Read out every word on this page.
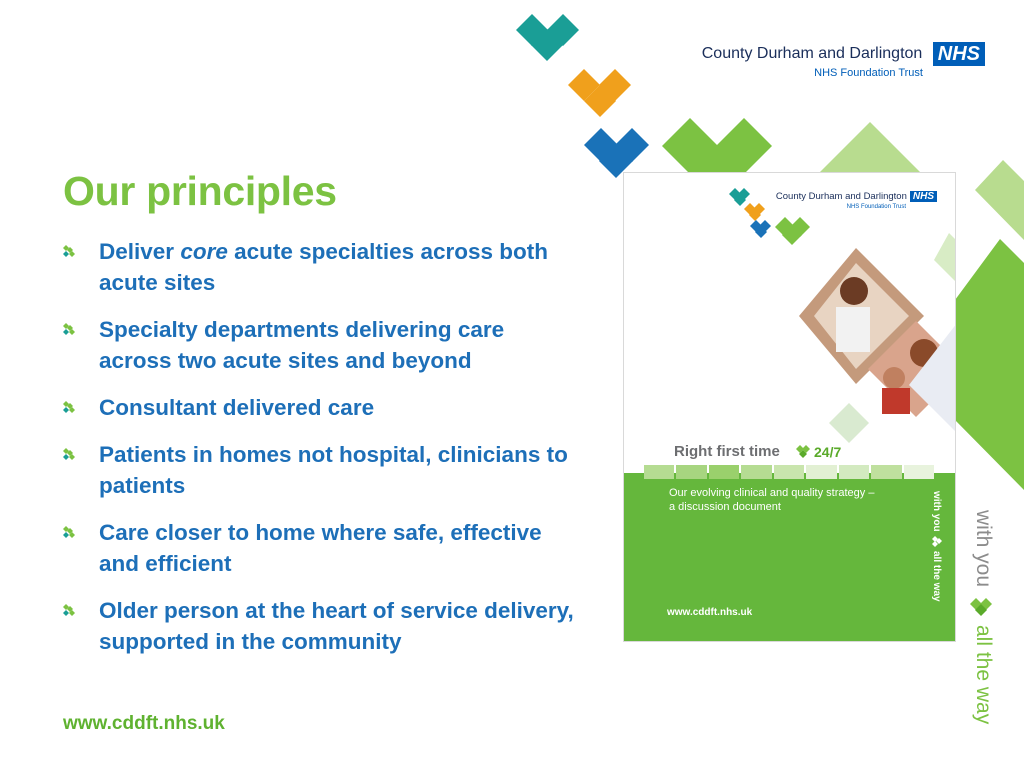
County Durham and Darlington NHS
NHS Foundation Trust
Our principles
Deliver core acute specialties across both acute sites
Specialty departments delivering care across two acute sites and beyond
Consultant delivered care
Patients in homes not hospital, clinicians to patients
Care closer to home where safe, effective and efficient
Older person at the heart of service delivery, supported in the community
www.cddft.nhs.uk
County Durham and Darlington NHS
NHS Foundation Trust
Right first time 24/7
Our evolving clinical and quality strategy –
a discussion document
www.cddft.nhs.uk
with you
all the way with you
all the way
